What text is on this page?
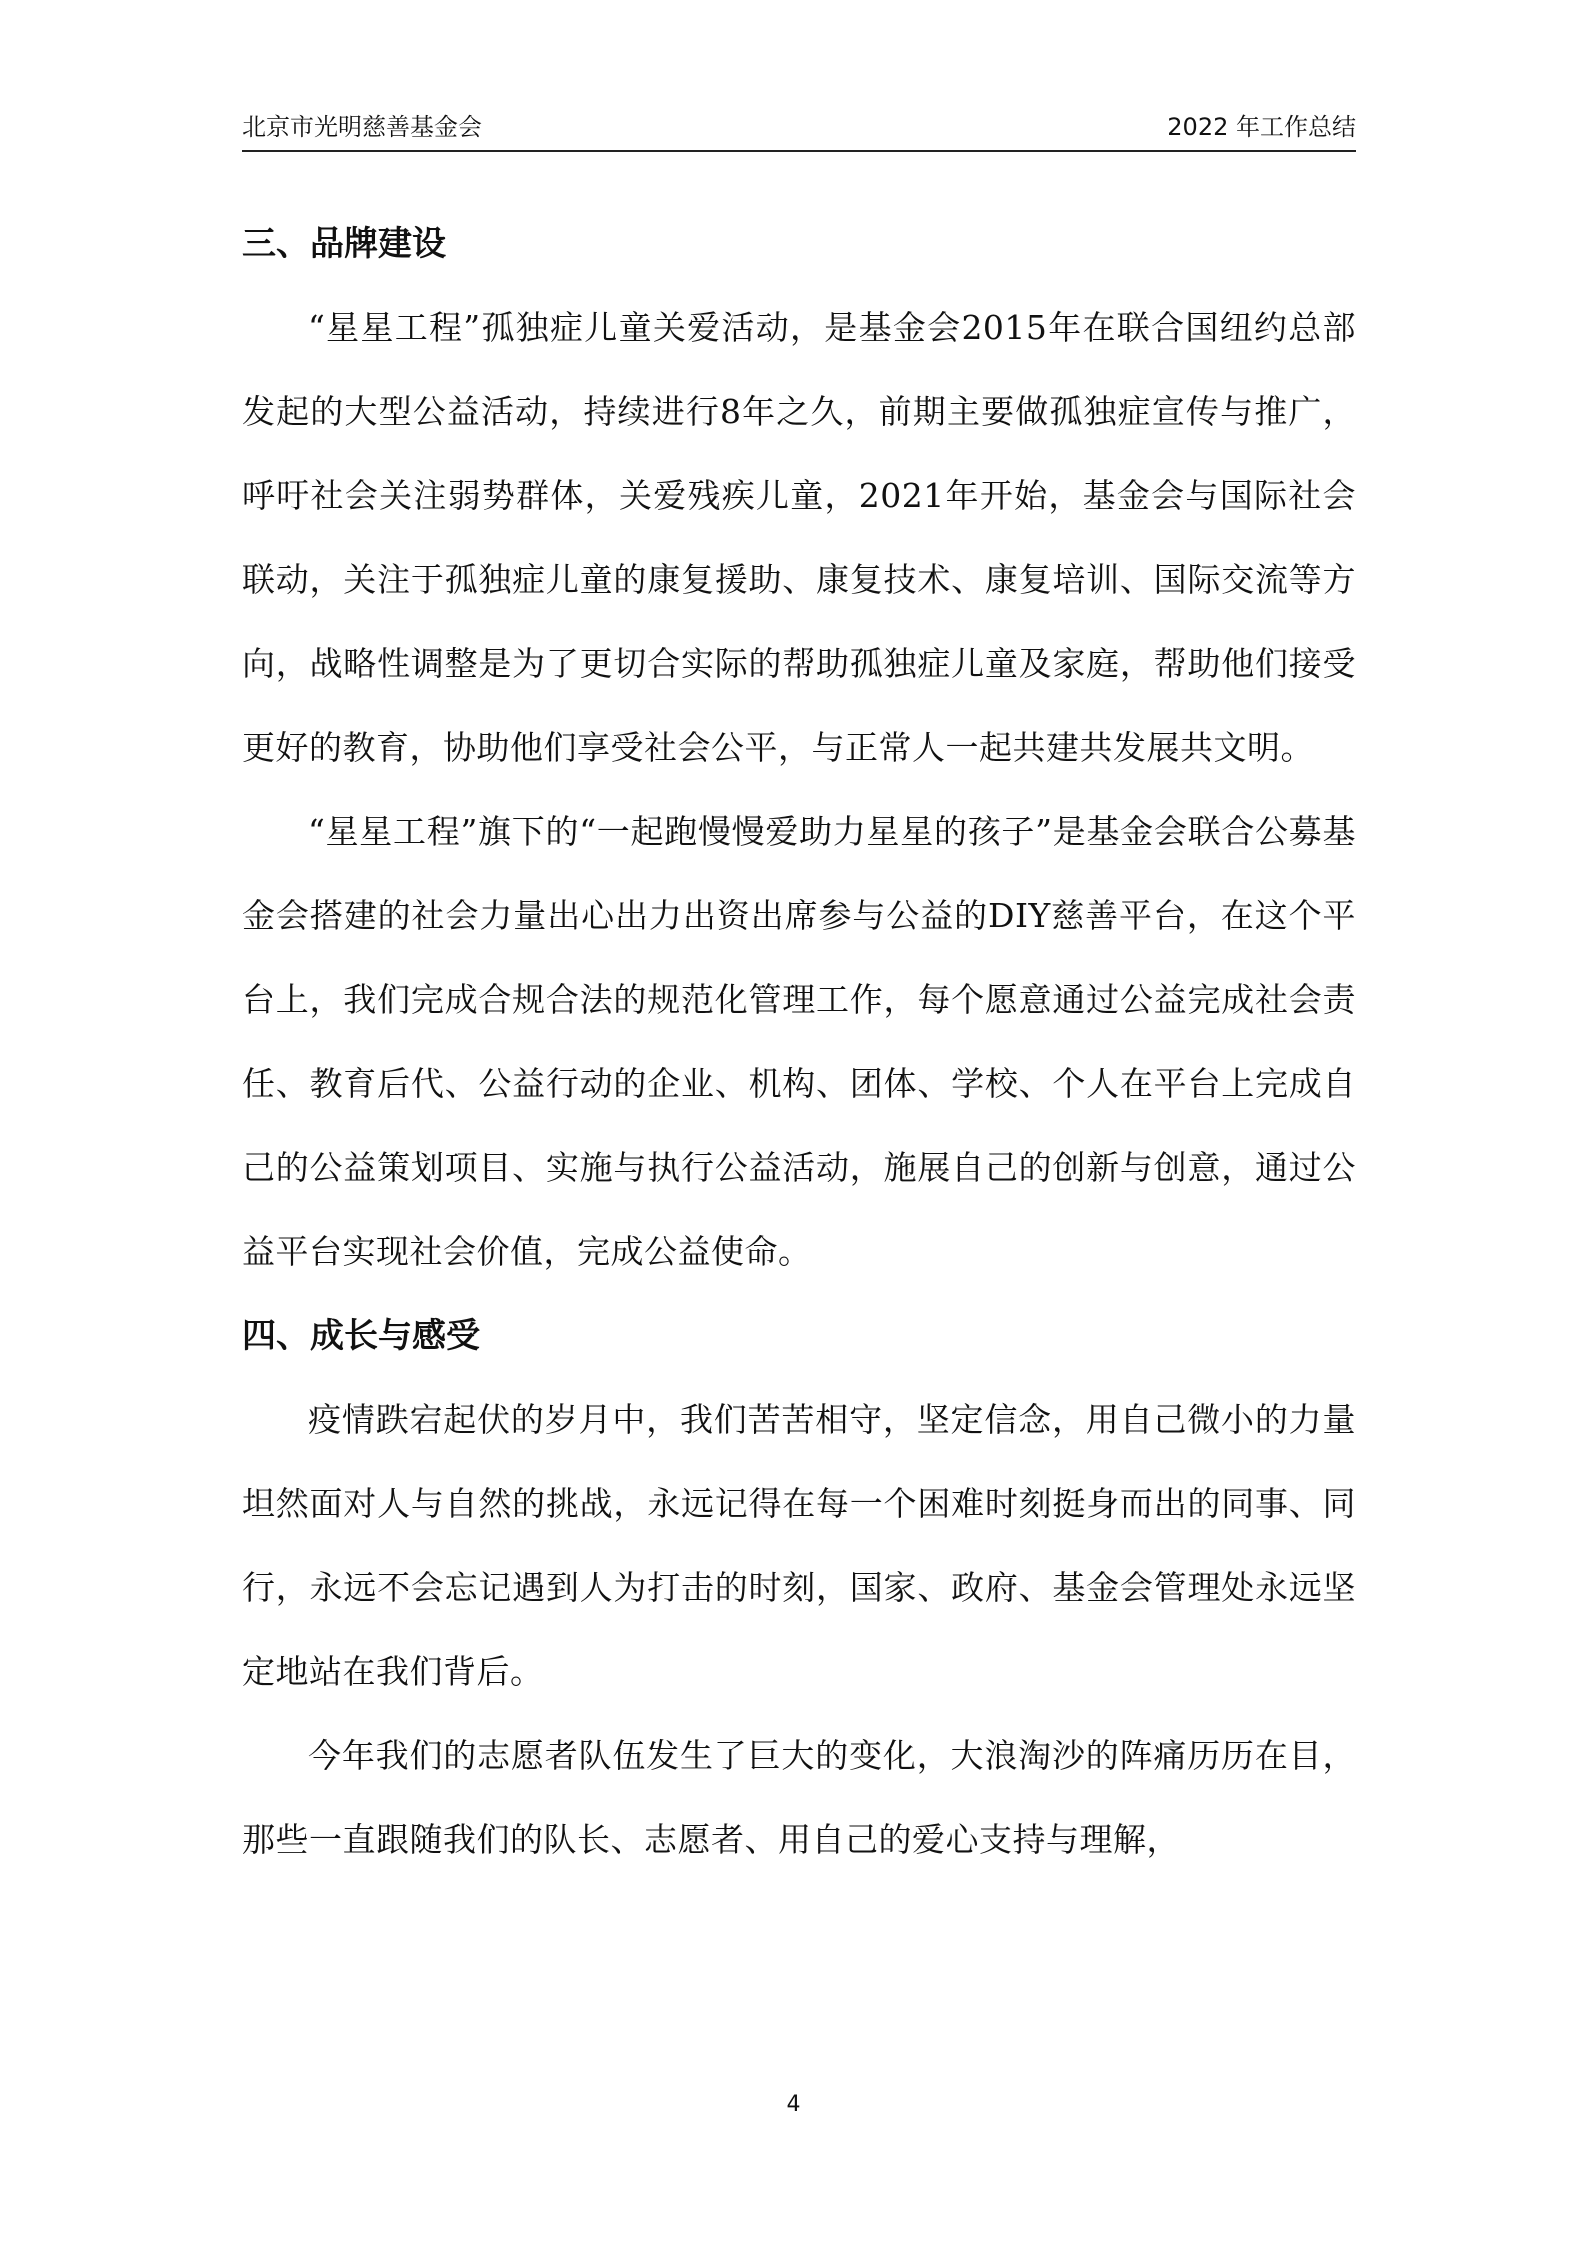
北京市光明慈善基金会	2022 年工作总结
三、品牌建设

“星星工程”孤独症儿童关爱活动，是基金会2015年在联合国纽约总部发起的大型公益活动，持续进行8年之久，前期主要做孤独症宣传与推广，呼吁社会关注弱势群体，关爱残疾儿童，2021年开始，基金会与国际社会联动，关注于孤独症儿童的康复援助、康复技术、康复培训、国际交流等方向，战略性调整是为了更切合实际的帮助孤独症儿童及家庭，帮助他们接受更好的教育，协助他们享受社会公平，与正常人一起共建共发展共文明。

“星星工程”旗下的“一起跑慢慢爱助力星星的孩子”是基金会联合公募基金会搭建的社会力量出心出力出资出席参与公益的DIY慈善平台，在这个平台上，我们完成合规合法的规范化管理工作，每个愿意通过公益完成社会责任、教育后代、公益行动的企业、机构、团体、学校、个人在平台上完成自己的公益策划项目、实施与执行公益活动，施展自己的创新与创意，通过公益平台实现社会价值，完成公益使命。

四、成长与感受

疫情跌宕起伏的岁月中，我们苦苦相守，坚定信念，用自己微小的力量坦然面对人与自然的挑战，永远记得在每一个困难时刻挺身而出的同事、同行，永远不会忘记遇到人为打击的时刻，国家、政府、基金会管理处永远坚定地站在我们背后。

今年我们的志愿者队伍发生了巨大的变化，大浪淘沙的阵痛历历在目，那些一直跟随我们的队长、志愿者、用自己的爱心支持与理解，

4
